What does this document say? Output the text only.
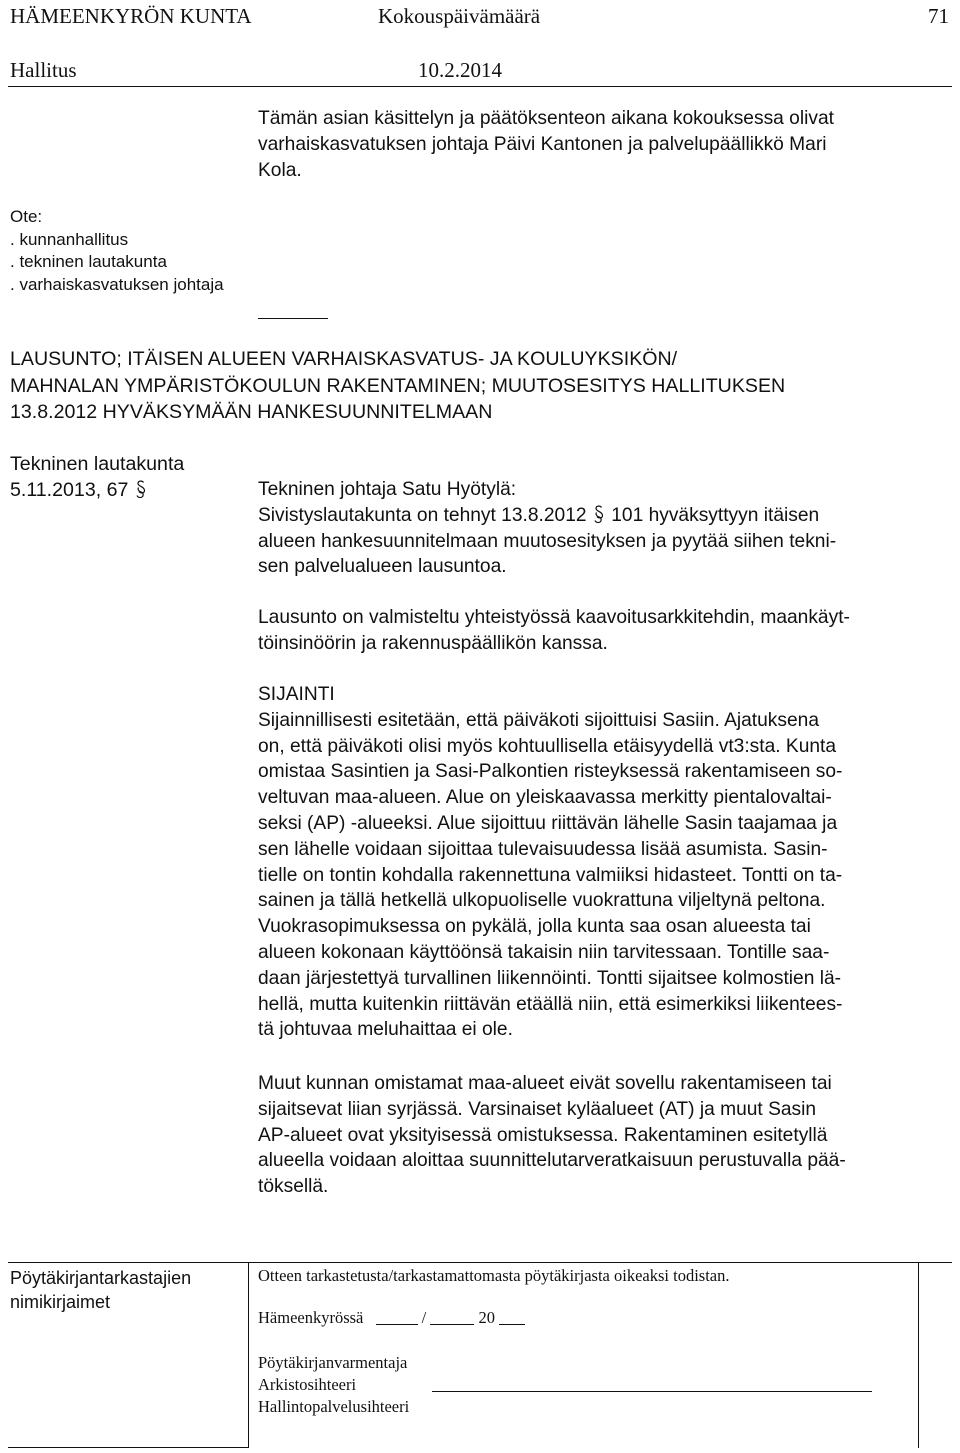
HÄMEENKYRÖN KUNTA	Kokouspäivämäärä	71
Hallitus	10.2.2014
Tämän asian käsittelyn ja päätöksenteon aikana kokouksessa olivat
varhaiskasvatuksen johtaja Päivi Kantonen ja palvelupäällikkö Mari
Kola.
Ote:
. kunnanhallitus
. tekninen lautakunta
. varhaiskasvatuksen johtaja
LAUSUNTO; ITÄISEN ALUEEN VARHAISKASVATUS- JA KOULUYKSIKÖN/
MAHNALAN YMPÄRISTÖKOULUN RAKENTAMINEN; MUUTOSESITYS HALLITUKSEN
13.8.2012 HYVÄKSYMÄÄN HANKESUUNNITELMAAN
Tekninen lautakunta
5.11.2013, 67	Tekninen johtaja Satu Hyötylä:
Sivistyslautakunta on tehnyt 13.8.2012 101 hyväksyttyyn itäisen
alueen hankesuunnitelmaan muutosesityksen ja pyytää siihen tekni-
sen palvelualueen lausuntoa.
Lausunto on valmisteltu yhteistyössä kaavoitusarkkitehdin, maankäyt-
töinsinöörin ja rakennuspäällikön kanssa.
SIJAINTI
Sijainnillisesti esitetään, että päiväkoti sijoittuisi Sasiin. Ajatuksena
on, että päiväkoti olisi myös kohtuullisella etäisyydellä vt3:sta. Kunta
omistaa Sasintien ja Sasi-Palkontien risteyksessä rakentamiseen so-
veltuvan maa-alueen. Alue on yleiskaavassa merkitty pientalovaltai-
seksi (AP) -alueeksi. Alue sijoittuu riittävän lähelle Sasin taajamaa ja
sen lähelle voidaan sijoittaa tulevaisuudessa lisää asumista. Sasin-
tielle on tontin kohdalla rakennettuna valmiiksi hidasteet. Tontti on ta-
sainen ja tällä hetkellä ulkopuoliselle vuokrattuna viljeltynä peltona.
Vuokrasopimuksessa on pykälä, jolla kunta saa osan alueesta tai
alueen kokonaan käyttöönsä takaisin niin tarvitessaan. Tontille saa-
daan järjestettyä turvallinen liikennöinti. Tontti sijaitsee kolmostien lä-
hellä, mutta kuitenkin riittävän etäällä niin, että esimerkiksi liikentees-
tä johtuvaa meluhaittaa ei ole.
Muut kunnan omistamat maa-alueet eivät sovellu rakentamiseen tai
sijaitsevat liian syrjässä. Varsinaiset kyläalueet (AT) ja muut Sasin
AP-alueet ovat yksityisessä omistuksessa. Rakentaminen esitetyllä
alueella voidaan aloittaa suunnittelutarveratkaisuun perustuvalla pää-
töksellä.
Pöytäkirjantarkastajien
nimikirjaimet
Otteen tarkastetusta/tarkastamattomasta pöytäkirjasta oikeaksi todistan.
Hämeenkyrössä	/	20
Pöytäkirjanvarmentaja
Arkistosihteeri
Hallintopalvelusihteeri
